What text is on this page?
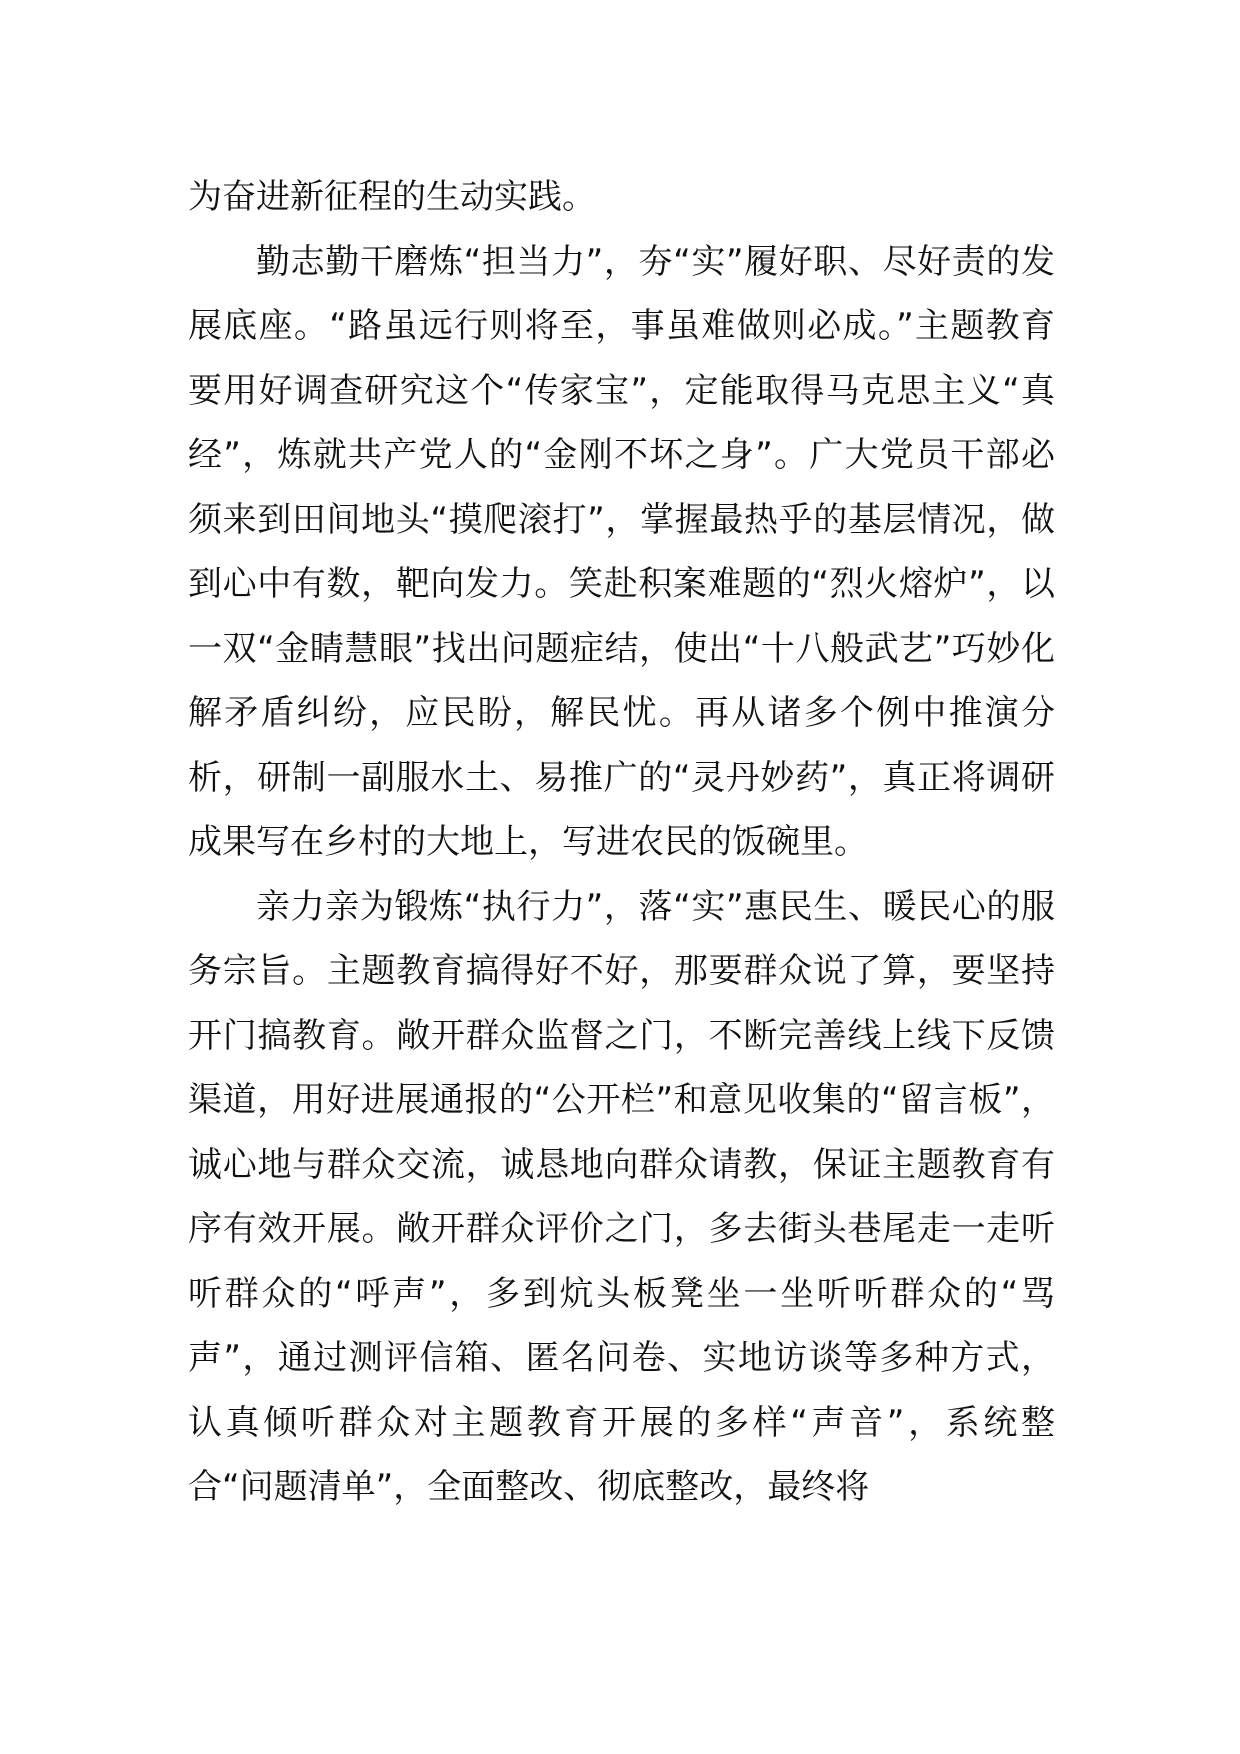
为奋进新征程的生动实践。

勤志勤干磨炼“担当力”，夯“实”履好职、尽好责的发展底座。“路虽远行则将至，事虽难做则必成。”主题教育要用好调查研究这个“传家宝”，定能取得马克思主义“真经”，炼就共产党人的“金刚不坏之身”。广大党员干部必须来到田间地头“摸爬滚打”，掌握最热乎的基层情况，做到心中有数，靶向发力。笑赴积案难题的“烈火熔炉”，以一双“金睛慧眼”找出问题症结，使出“十八般武艺”巧妙化解矛盾纠纷，应民盼，解民忧。再从诸多个例中推演分析，研制一副服水土、易推广的“灵丹妙药”，真正将调研成果写在乡村的大地上，写进农民的饭碗里。

亲力亲为锻炼“执行力”，落“实”惠民生、暖民心的服务宗旨。主题教育搞得好不好，那要群众说了算，要坚持开门搞教育。敞开群众监督之门，不断完善线上线下反馈渠道，用好进展通报的“公开栏”和意见收集的“留言板”，诚心地与群众交流，诚恳地向群众请教，保证主题教育有序有效开展。敞开群众评价之门，多去街头巷尾走一走听听群众的“呼声”，多到炕头板凳坐一坐听听群众的“骂声”，通过测评信箱、匿名问卷、实地访谈等多种方式，认真倾听群众对主题教育开展的多样“声音”，系统整合“问题清单”，全面整改、彻底整改，最终将
